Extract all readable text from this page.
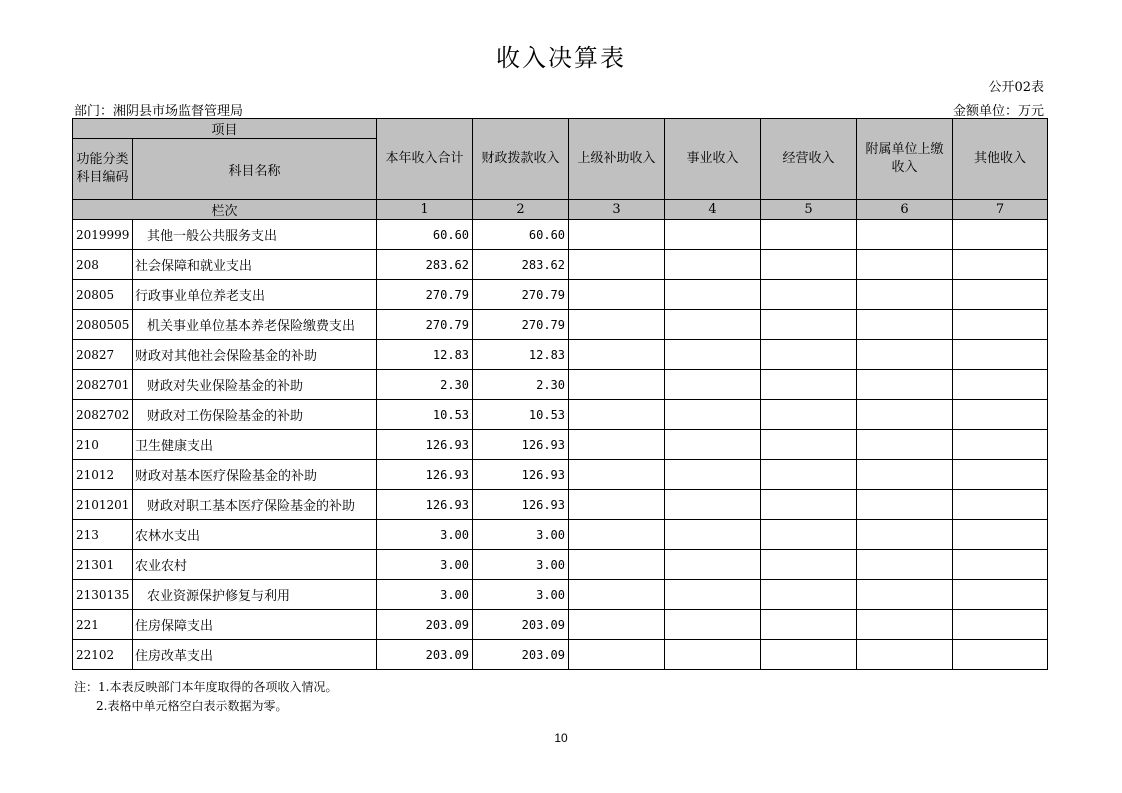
收入决算表
公开02表
部门：湘阴县市场监督管理局	金额单位：万元
项目		本年收入合计	财政拨款收入	上级补助收入	事业收入	经营收入	附属单位上缴收入	其他收入
功能分类科目编码	科目名称							
栏次		1	2	3	4	5	6	7
2019999	其他一般公共服务支出	60.60	60.60					
208	社会保障和就业支出	283.62	283.62					
20805	行政事业单位养老支出	270.79	270.79					
2080505	机关事业单位基本养老保险缴费支出	270.79	270.79					
20827	财政对其他社会保险基金的补助	12.83	12.83					
2082701	财政对失业保险基金的补助	2.30	2.30					
2082702	财政对工伤保险基金的补助	10.53	10.53					
210	卫生健康支出	126.93	126.93					
21012	财政对基本医疗保险基金的补助	126.93	126.93					
2101201	财政对职工基本医疗保险基金的补助	126.93	126.93					
213	农林水支出	3.00	3.00					
21301	农业农村	3.00	3.00					
2130135	农业资源保护修复与利用	3.00	3.00					
221	住房保障支出	203.09	203.09					
22102	住房改革支出	203.09	203.09					
注：1.本表反映部门本年度取得的各项收入情况。
2.表格中单元格空白表示数据为零。
10
